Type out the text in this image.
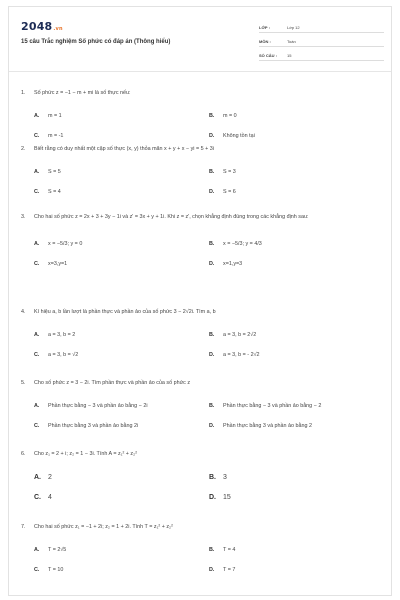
2048.vn
15 câu Trắc nghiệm Số phức có đáp án (Thông hiểu)
LỚP :	Lớp 12
MÔN :	Toán
SỐ CÂU :	15
1.	Số phức z = −1 − m + mi là số thực nếu:
A.	m = 1	B.	m = 0
C.	m = -1	D.	Không tồn tại
2.	Biết rằng có duy nhất một cặp số thực (x, y) thỏa mãn x + y + x − yi = 5 + 3i
A.	S = 5	B.	S = 3
C.	S = 4	D.	S = 6
3.	Cho hai số phức z = 2x + 3 + 3y − 1i và z' = 3x + y + 1i. Khi z = z', chọn khẳng định đúng trong các khẳng định sau:
A.	x = −5/3; y = 0	B.	x = −5/3; y = 4/3
C.	x=3,y=1	D.	x=1,y=3
4.	Kí hiệu a, b lần lượt là phần thực và phần ảo của số phức 3 − 2√2i. Tìm a, b
A.	a = 3, b = 2	B.	a = 3, b = 2√2
C.	a = 3, b = √2	D.	a = 3, b = - 2√2
5.	Cho số phức z = 3 − 2i. Tìm phần thực và phần ảo của số phức z
A.	Phần thực bằng − 3 và phần ảo bằng − 2i	B.	Phần thực bằng − 3 và phần ảo bằng − 2
C.	Phần thực bằng 3 và phần ảo bằng 2i	D.	Phần thực bằng 3 và phần ảo bằng 2
6.	Cho z₁ = 2 + i; z₂ = 1 − 3i. Tính A = z₁² + z₂²
A.	2	B.	3
C.	4	D.	15
7.	Cho hai số phức z₁ = −1 + 2i; z₂ = 1 + 2i. Tính T = z₁² + z₂²
A.	T = 2√5	B.	T = 4
C.	T = 10	D.	T = 7
